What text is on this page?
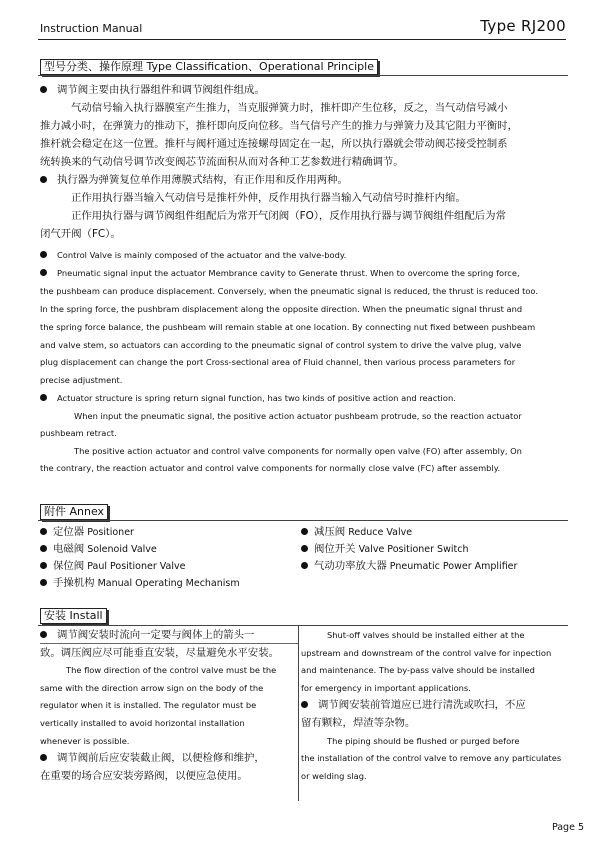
Instruction Manual	Type RJ200
型号分类、操作原理 Type Classification、Operational Principle

调节阀主要由执行器组件和调节阀组件组成。

气动信号输入执行器膜室产生推力，当克服弹簧力时，推杆即产生位移，反之，当气动信号减小

推力减小时，在弹簧力的推动下，推杆即向反向位移。当气信号产生的推力与弹簧力及其它阻力平衡时，

推杆就会稳定在这一位置。推杆与阀杆通过连接螺母固定在一起，所以执行器就会带动阀芯接受控制系

统转换来的气动信号调节改变阀芯节流面积从而对各种工艺参数进行精确调节。

执行器为弹簧复位单作用薄膜式结构，有正作用和反作用两种。

正作用执行器当输入气动信号是推杆外伸，反作用执行器当输入气动信号时推杆内缩。

正作用执行器与调节阀组件组配后为常开气闭阀（FO），反作用执行器与调节阀组件组配后为常

闭气开阀（FC）。

Control Valve is mainly composed of the actuator and the valve-body.

Pneumatic signal input the actuator Membrance cavity to Generate thrust. When to overcome the spring force,

the pushbeam can produce displacement. Conversely, when the pneumatic signal is reduced, the thrust is reduced too.

In the spring force, the pushbram displacement along the opposite direction. When the pneumatic signal thrust and

the spring force balance, the pushbeam will remain stable at one location. By connecting nut fixed between pushbeam

and valve stem, so actuators can according to the pneumatic signal of control system to drive the valve plug, valve

plug displacement can change the port Cross-sectional area of Fluid channel, then various process parameters for

precise adjustment.

Actuator structure is spring return signal function, has two kinds of positive action and reaction.

When input the pneumatic signal, the positive action actuator pushbeam protrude, so the reaction actuator

pushbeam retract.

The positive action actuator and control valve components for normally open valve (FO) after assembly, On

the contrary, the reaction actuator and control valve components for normally close valve (FC) after assembly.

附件 Annex
定位器 Positioner
电磁阀 Solenoid Valve
保位阀 Paul Positioner Valve
手操机构 Manual Operating Mechanism
减压阀 Reduce Valve
阀位开关 Valve Positioner Switch
气动功率放大器 Pneumatic Power Amplifier
安装 Install
调节阀安装时流向一定要与阀体上的箭头一
致。调压阀应尽可能垂直安装，尽量避免水平安装。
The flow direction of the control valve must be the
same with the direction arrow sign on the body of the
regulator when it is installed. The regulator must be
vertically installed to avoid horizontal installation
whenever is possible.
调节阀前后应安装截止阀，以便检修和维护，
在重要的场合应安装旁路阀，以便应急使用。
Shut-off valves should be installed either at the
upstream and downstream of the control valve for inpection
and maintenance. The by-pass valve should be installed
for emergency in important applications.
调节阀安装前管道应已进行清洗或吹扫，不应
留有颗粒，焊渣等杂物。
The piping should be flushed or purged before
the installation of the control valve to remove any particulates
or welding slag.
Page 5
